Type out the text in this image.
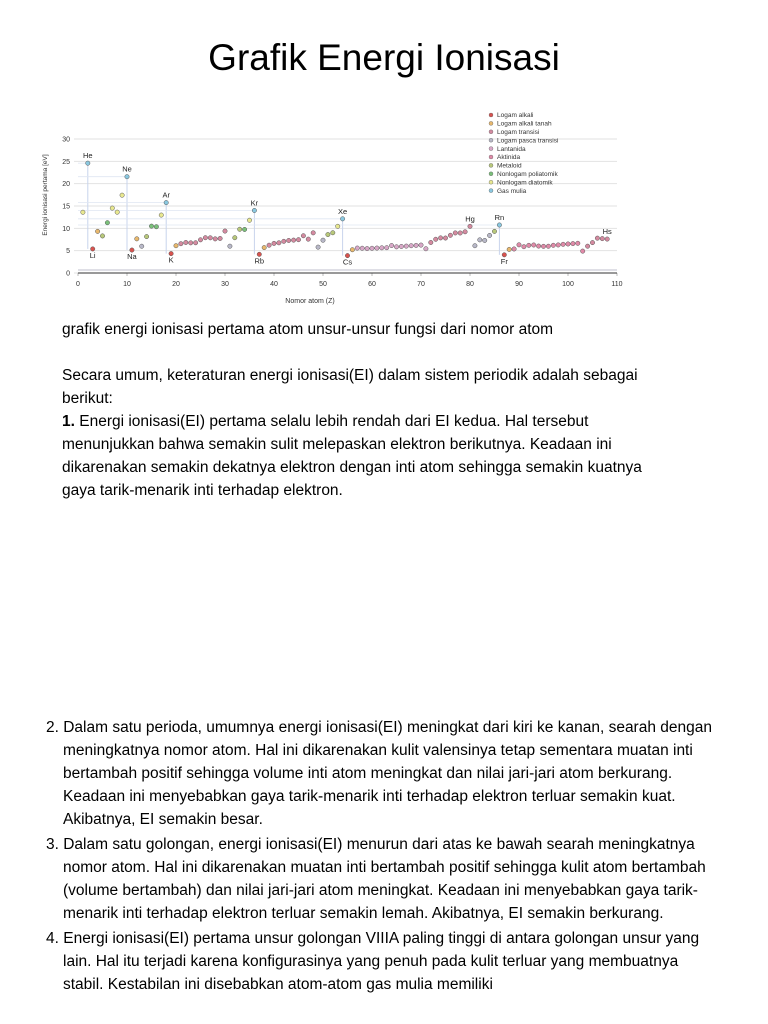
Grafik Energi Ionisasi
0
5
10
15
20
25
30
0	10	20	30	40	50	60	70	80	90	100	110
He
Ne
Ar
Kr
Xe
Hg	Rn
Hs
Li	Na	K	Rb	Cs	Fr
Logam alkali
Logam alkali tanah
Logam transisi
Logam pasca transisi
Lantanida
Aktinida
Metaloid
Nonlogam poliatomik
Nonlogam diatomik
Gas mulia
Nomor atom (Z)
Energi ionisasi pertama [eV]

grafik energi ionisasi pertama atom unsur-unsur fungsi dari nomor atom

Secara umum, keteraturan energi ionisasi(EI) dalam sistem periodik adalah sebagai berikut:
1. Energi ionisasi(EI) pertama selalu lebih rendah dari EI kedua. Hal tersebut menunjukkan bahwa semakin sulit melepaskan elektron berikutnya. Keadaan ini dikarenakan semakin dekatnya elektron dengan inti atom sehingga semakin kuatnya gaya tarik-menarik inti terhadap elektron.

2. Dalam satu perioda, umumnya energi ionisasi(EI) meningkat dari kiri ke kanan, searah dengan meningkatnya nomor atom. Hal ini dikarenakan kulit valensinya tetap sementara muatan inti bertambah positif sehingga volume inti atom meningkat dan nilai jari-jari atom berkurang. Keadaan ini menyebabkan gaya tarik-menarik inti terhadap elektron terluar semakin kuat. Akibatnya, EI semakin besar.
3. Dalam satu golongan, energi ionisasi(EI) menurun dari atas ke bawah searah meningkatnya nomor atom. Hal ini dikarenakan muatan inti bertambah positif sehingga kulit atom bertambah (volume bertambah) dan nilai jari-jari atom meningkat. Keadaan ini menyebabkan gaya tarik-menarik inti terhadap elektron terluar semakin lemah. Akibatnya, EI semakin berkurang.
4. Energi ionisasi(EI) pertama unsur golongan VIIIA paling tinggi di antara golongan unsur yang lain. Hal itu terjadi karena konfigurasinya yang penuh pada kulit terluar yang membuatnya stabil. Kestabilan ini disebabkan atom-atom gas mulia memiliki
